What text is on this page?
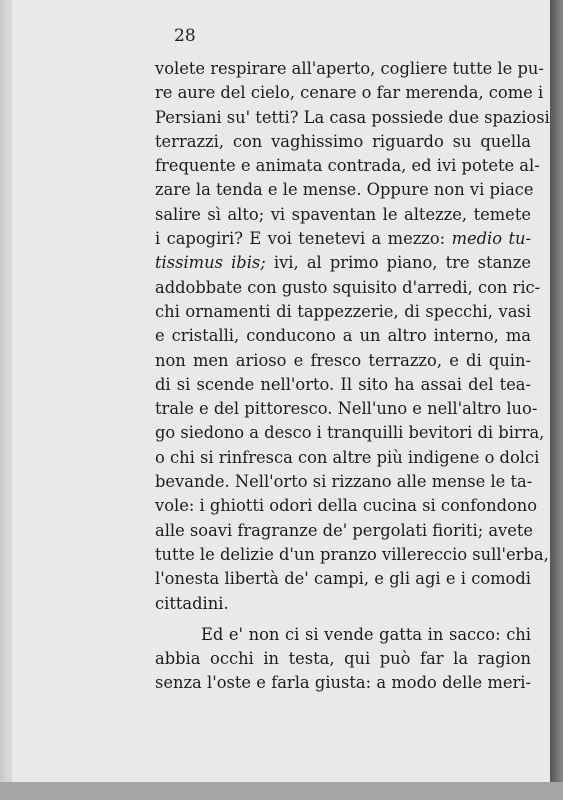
28
volete respirare all'aperto, cogliere tutte le pu-
re aure del cielo, cenare o far merenda, come i
Persiani su' tetti? La casa possiede due spaziosi
terrazzi, con vaghissimo riguardo su quella
frequente e animata contrada, ed ivi potete al-
zare la tenda e le mense. Oppure non vi piace
salire sì alto; vi spaventan le altezze, temete
i capogiri? E voi tenetevi a mezzo: medio tu-
tissimus ibis; ivi, al primo piano, tre stanze
addobbate con gusto squisito d'arredi, con ric-
chi ornamenti di tappezzerie, di specchi, vasi
e cristalli, conducono a un altro interno, ma
non men arioso e fresco terrazzo, e di quin-
di si scende nell'orto. Il sito ha assai del tea-
trale e del pittoresco. Nell'uno e nell'altro luo-
go siedono a desco i tranquilli bevitori di birra,
o chi si rinfresca con altre più indigene o dolci
bevande. Nell'orto si rizzano alle mense le ta-
vole: i ghiotti odori della cucina si confondono
alle soavi fragranze de' pergolati fioriti; avete
tutte le delizie d'un pranzo villereccio sull'erba,
l'onesta libertà de' campi, e gli agi e i comodi
cittadini.
Ed e' non ci si vende gatta in sacco: chi
abbia occhi in testa, qui può far la ragion
senza l'oste e farla giusta: a modo delle meri-
